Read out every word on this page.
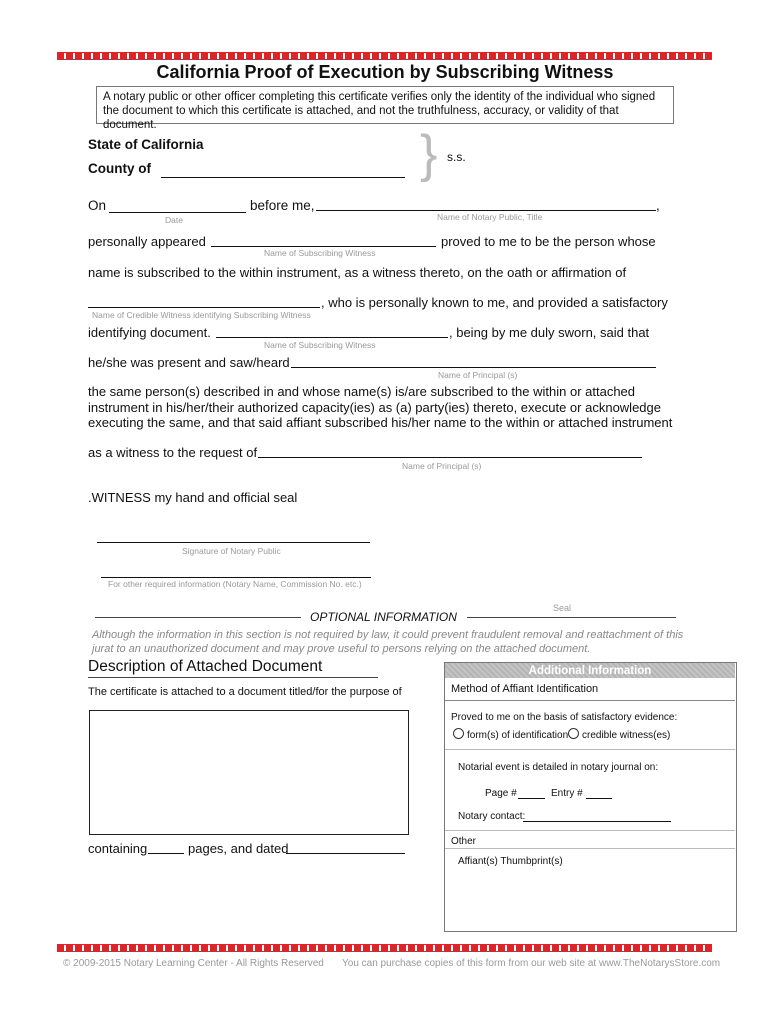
California Proof of Execution by Subscribing Witness
A notary public or other officer completing this certificate verifies only the identity of the individual who signed the document to which this certificate is attached, and not the truthfulness, accuracy, or validity of that document.
State of California
County of	} s.s.
On
Date
before me,	,
Name of Notary Public, Title
personally appeared
Name of Subscribing Witness
proved to me to be the person whose
name is subscribed to the within instrument, as a witness thereto, on the oath or affirmation of
, who is personally known to me, and provided a satisfactory
Name of Credible Witness identifying Subscribing Witness
identifying document.
Name of Subscribing Witness
, being by me duly sworn, said that
he/she was present and saw/heard
Name of Principal (s)
the same person(s) described in and whose name(s) is/are subscribed to the within or attached instrument in his/her/their authorized capacity(ies) as (a) party(ies) thereto, execute or acknowledge executing the same, and that said affiant subscribed his/her name to the within or attached instrument
as a witness to the request of
Name of Principal (s)
.WITNESS my hand and official seal
Signature of Notary Public
For other required information (Notary Name, Commission No. etc.)
Seal
OPTIONAL INFORMATION
Although the information in this section is not required by law, it could prevent fraudulent removal and reattachment of this jurat to an unauthorized document and may prove useful to persons relying on the attached document.
Description of Attached Document
The certificate is attached to a document titled/for the purpose of
containing	pages, and dated
Additional Information
Method of Affiant Identification
Proved to me on the basis of satisfactory evidence:
form(s) of identification	credible witness(es)
Notarial event is detailed in notary journal on:
Page #	Entry #
Notary contact:
Other
Affiant(s) Thumbprint(s)
© 2009-2015 Notary Learning Center - All Rights Reserved You can purchase copies of this form from our web site at www.TheNotarysStore.com
